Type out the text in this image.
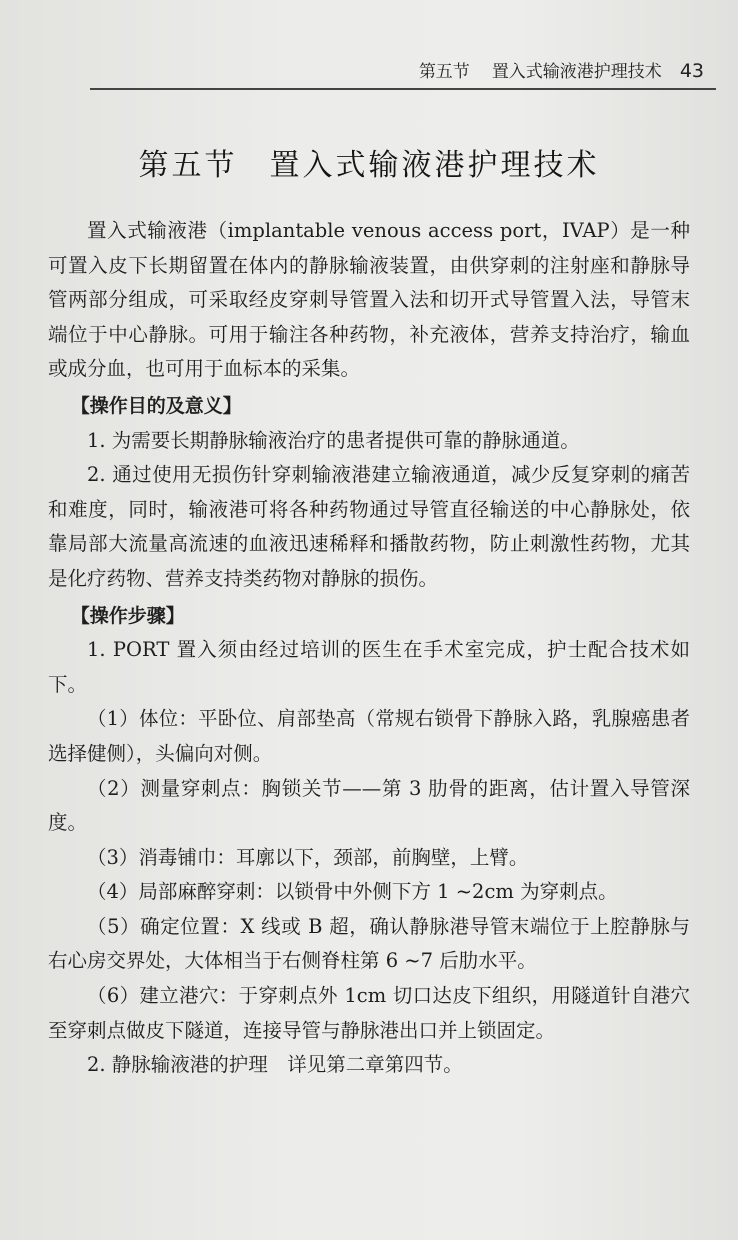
第五节 置入式输液港护理技术 43
第五节 置入式输液港护理技术

置入式输液港（implantable venous access port，IVAP）是一种可置入皮下长期留置在体内的静脉输液装置，由供穿刺的注射座和静脉导管两部分组成，可采取经皮穿刺导管置入法和切开式导管置入法，导管末端位于中心静脉。可用于输注各种药物，补充液体，营养支持治疗，输血或成分血，也可用于血标本的采集。

【操作目的及意义】

1. 为需要长期静脉输液治疗的患者提供可靠的静脉通道。

2. 通过使用无损伤针穿刺输液港建立输液通道，减少反复穿刺的痛苦和难度，同时，输液港可将各种药物通过导管直径输送的中心静脉处，依靠局部大流量高流速的血液迅速稀释和播散药物，防止刺激性药物，尤其是化疗药物、营养支持类药物对静脉的损伤。

【操作步骤】

1. PORT 置入须由经过培训的医生在手术室完成，护士配合技术如下。

（1）体位：平卧位、肩部垫高（常规右锁骨下静脉入路，乳腺癌患者选择健侧），头偏向对侧。

（2）测量穿刺点：胸锁关节——第 3 肋骨的距离，估计置入导管深度。

（3）消毒铺巾：耳廓以下，颈部，前胸壁，上臂。

（4）局部麻醉穿刺：以锁骨中外侧下方 1 ~2cm 为穿刺点。

（5）确定位置：X 线或 B 超，确认静脉港导管末端位于上腔静脉与右心房交界处，大体相当于右侧脊柱第 6 ~7 后肋水平。

（6）建立港穴：于穿刺点外 1cm 切口达皮下组织，用隧道针自港穴至穿刺点做皮下隧道，连接导管与静脉港出口并上锁固定。

2. 静脉输液港的护理　详见第二章第四节。
